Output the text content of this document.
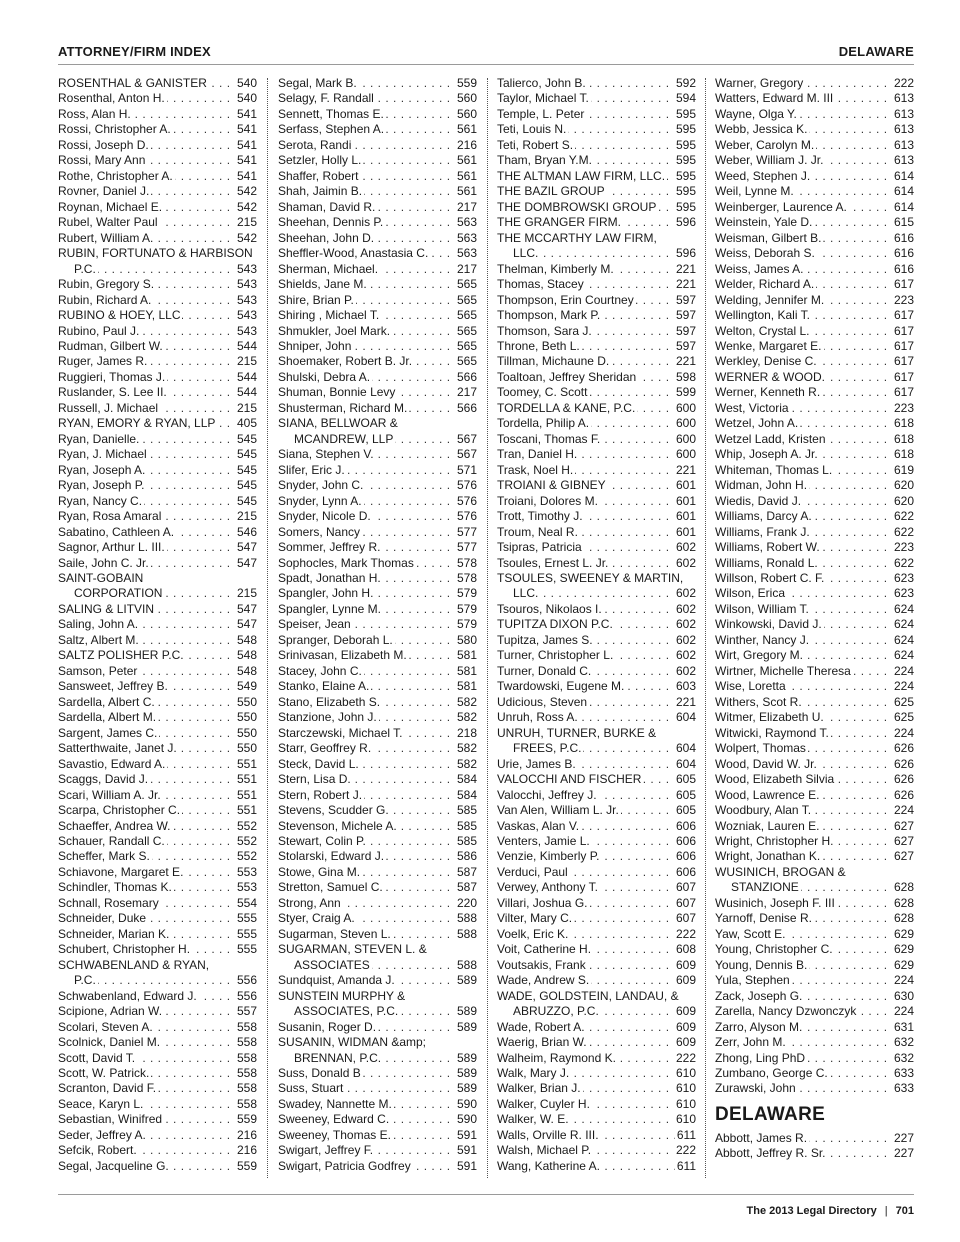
ATTORNEY/FIRM INDEX	DELAWARE
ROSENTHAL & GANISTER	540
. . .
Rosenthal, Anton H.	540
. . .
Ross, Alan H.	541
. . .
Rossi, Christopher A.	541
. . .
Rossi, Joseph D.	541
. . .
Rossi, Mary Ann	541
. . .
Rothe, Christopher A.	541
. . .
Rovner, Daniel J.	542
. . .
Roynan, Michael E.	542
. . .
Rubel, Walter Paul	215
. . .
Rubert, William A.	542
. . .
RUBIN, FORTUNATO & HARBISON
P.C.	543
. . .
Rubin, Gregory S.	543
. . .
Rubin, Richard A.	543
. . .
RUBINO & HOEY, LLC	543
. . .
Rubino, Paul J.	543
. . .
Rudman, Gilbert W.	544
. . .
Ruger, James R.	215
. . .
Ruggieri, Thomas J.	544
. . .
Ruslander, S. Lee II.	544
. . .
Russell, J. Michael	215
. . .
RYAN, EMORY & RYAN, LLP 405
. . .
Ryan, Danielle.	545
. . .
Ryan, J. Michael	545
. . .
Ryan, Joseph A.	545
. . .
Ryan, Joseph P.	545
. . .
Ryan, Nancy C.	545
. . .
Ryan, Rosa Amaral	215
. . .
Sabatino, Cathleen A.	546
. . .
Sagnor, Arthur L. III.	547
. . .
Saile, John C. Jr.	547
. . .
SAINT-GOBAIN
CORPORATION	215
. . .
SALING & LITVIN	547
. . .
Saling, John A.	547
. . .
Saltz, Albert M.	548
. . .
SALTZ POLISHER P.C.	548
. . .
Samson, Peter	548
. . .
Sansweet, Jeffrey B.	549
. . .
Sardella, Albert C.	550
. . .
Sardella, Albert M.	550
. . .
Sargent, James C.	550
. . .
Satterthwaite, Janet J.	550
. . .
Savastio, Edward A.	551
. . .
Scaggs, David J.	551
. . .
Scari, William A. Jr.	551
. . .
Scarpa, Christopher C.	551
. . .
Schaeffer, Andrea W.	552
. . .
Schauer, Randall C.	552
. . .
Scheffer, Mark S.	552
. . .
Schiavone, Margaret E.	553
. . .
Schindler, Thomas K.	553
. . .
Schnall, Rosemary	554
. . .
Schneider, Duke	555
. . .
Schneider, Marian K.	555
. . .
Schubert, Christopher H.	555
. . .
SCHWABENLAND & RYAN,
P.C.	556
. . .
Schwabenland, Edward J.	556
. . .
Scipione, Adrian W.	557
. . .
Scolari, Steven A.	558
. . .
Scolnick, Daniel M.	558
. . .
Scott, David T.	558
. . .
Scott, W. Patrick.	558
. . .
Scranton, David F.	558
. . .
Seace, Karyn L.	558
. . .
Sebastian, Winifred	559
. . .
Seder, Jeffrey A.	216
. . .
Sefcik, Robert.	216
. . .
Segal, Jacqueline G.	559
. . .
Segal, Mark B.	559
. . .
Selagy, F. Randall	560
. . .
Sennett, Thomas E.	560
. . .
Serfass, Stephen A.	561
. . .
Serota, Randi	216
. . .
Setzler, Holly L.	561
. . .
Shaffer, Robert	561
. . .
Shah, Jaimin B.	561
. . .
Shaman, David R.	217
. . .
Sheehan, Dennis P.	563
. . .
Sheehan, John D.	563
. . .
Sheffler-Wood, Anastasia C. 563
. . .
Sherman, Michael.	217
. . .
Shields, Jane M.	565
. . .
Shire, Brian P.	565
. . .
Shiring , Michael T.	565
. . .
Shmukler, Joel Mark.	565
. . .
Shniper, John	565
. . .
Shoemaker, Robert B. Jr.	565
. . .
Shulski, Debra A.	566
. . .
Shuman, Bonnie Levy	217
. . .
Shusterman, Richard M.	566
. . .
SIANA, BELLWOAR &
MCANDREW, LLP	567
. . .
Siana, Stephen V.	567
. . .
Slifer, Eric J.	571
. . .
Snyder, John C.	576
. . .
Snyder, Lynn A.	576
. . .
Snyder, Nicole D.	576
. . .
Somers, Nancy	577
. . .
Sommer, Jeffrey R.	577
. . .
Sophocles, Mark Thomas	578
. . .
Spadt, Jonathan H.	578
. . .
Spangler, John H.	579
. . .
Spangler, Lynne M.	579
. . .
Speiser, Jean	579
. . .
Spranger, Deborah L.	580
. . .
Srinivasan, Elizabeth M.	581
. . .
Stacey, John C.	581
. . .
Stanko, Elaine A.	581
. . .
Stano, Elizabeth S.	582
. . .
Stanzione, John J.	582
. . .
Starczewski, Michael T.	218
. . .
Starr, Geoffrey R.	582
. . .
Steck, David L.	582
. . .
Stern, Lisa D.	584
. . .
Stern, Robert J.	584
. . .
Stevens, Scudder G.	585
. . .
Stevenson, Michele A.	585
. . .
Stewart, Colin P.	585
. . .
Stolarski, Edward J.	586
. . .
Stowe, Gina M.	587
. . .
Stretton, Samuel C.	587
. . .
Strong, Ann	220
. . .
Styer, Craig A.	588
. . .
Sugarman, Steven L.	588
. . .
SUGARMAN, STEVEN L. &
ASSOCIATES	588
. . .
Sundquist, Amanda J.	589
. . .
SUNSTEIN MURPHY &
ASSOCIATES, P.C.	589
. . .
Susanin, Roger D.	589
. . .
SUSANIN, WIDMAN &amp;
BRENNAN, P.C.	589
. . .
Suss, Donald B	589
. . .
Suss, Stuart	589
. . .
Swadey, Nannette M.	590
. . .
Sweeney, Edward C.	590
. . .
Sweeney, Thomas E.	591
. . .
Swigart, Jeffrey F.	591
. . .
Swigart, Patricia Godfrey	591
. . .
Talierco, John B.	592
. . .
Taylor, Michael T.	594
. . .
Temple, L. Peter	595
. . .
Teti, Louis N.	595
. . .
Teti, Robert S.	595
. . .
Tham, Bryan Y.M.	595
. . .
THE ALTMAN LAW FIRM, LLC. 595
. . .
THE BAZIL GROUP	595
. . .
THE DOMBROWSKI GROUP 595
. . .
THE GRANGER FIRM.	596
. . .
THE MCCARTHY LAW FIRM,
LLC.	596
. . .
Thelman, Kimberly M.	221
. . .
Thomas, Stacey	221
. . .
Thompson, Erin Courtney	597
. . .
Thompson, Mark P.	597
. . .
Thomson, Sara J.	597
. . .
Throne, Beth L.	597
. . .
Tillman, Michaune D.	221
. . .
Toaltoan, Jeffrey Sheridan	598
. . .
Toomey, C. Scott	599
. . .
TORDELLA & KANE, P.C.	600
. . .
Tordella, Philip A.	600
. . .
Toscani, Thomas F.	600
. . .
Tran, Daniel H.	600
. . .
Trask, Noel H.	221
. . .
TROIANI & GIBNEY	601
. . .
Troiani, Dolores M.	601
. . .
Trott, Timothy J.	601
. . .
Troum, Neal R.	601
. . .
Tsipras, Patricia	602
. . .
Tsoules, Ernest L. Jr.	602
. . .
TSOULES, SWEENEY & MARTIN,
LLC.	602
. . .
Tsouros, Nikolaos I.	602
. . .
TUPITZA DIXON P.C.	602
. . .
Tupitza, James S.	602
. . .
Turner, Christopher L.	602
. . .
Turner, Donald C.	602
. . .
Twardowski, Eugene M.	603
. . .
Udicious, Steven	221
. . .
Unruh, Ross A.	604
. . .
UNRUH, TURNER, BURKE &
FREES, P.C.	604
. . .
Urie, James B.	604
. . .
VALOCCHI AND FISCHER	605
. . .
Valocchi, Jeffrey J.	605
. . .
Van Alen, William L. Jr.	605
. . .
Vaskas, Alan V.	606
. . .
Venters, Jamie L.	606
. . .
Venzie, Kimberly P.	606
. . .
Verduci, Paul	606
. . .
Verwey, Anthony T.	607
. . .
Villari, Joshua G.	607
. . .
Vilter, Mary C.	607
. . .
Voelk, Eric K.	222
. . .
Voit, Catherine H.	608
. . .
Voutsakis, Frank	609
. . .
Wade, Andrew S.	609
. . .
WADE, GOLDSTEIN, LANDAU, &
ABRUZZO, P.C.	609
. . .
Wade, Robert A.	609
. . .
Waerig, Brian W.	609
. . .
Walheim, Raymond K.	222
. . .
Walk, Mary J.	610
. . .
Walker, Brian J.	610
. . .
Walker, Cuyler H.	610
. . .
Walker, W. E.	610
. . .
Walls, Orville R. III.	611
. . .
Walsh, Michael P.	222
. . .
Wang, Katherine A.	611
. . .
Warner, Gregory	222
. . .
Watters, Edward M. III	613
. . .
Wayne, Olga Y.	613
. . .
Webb, Jessica K.	613
. . .
Weber, Carolyn M.	613
. . .
Weber, William J. Jr.	613
. . .
Weed, Stephen J.	614
. . .
Weil, Lynne M.	614
. . .
Weinberger, Laurence A.	614
. . .
Weinstein, Yale D.	615
. . .
Weisman, Gilbert B.	616
. . .
Weiss, Deborah S.	616
. . .
Weiss, James A.	616
. . .
Welder, Richard A.	617
. . .
Welding, Jennifer M.	223
. . .
Wellington, Kali T.	617
. . .
Welton, Crystal L.	617
. . .
Wenke, Margaret E.	617
. . .
Werkley, Denise C.	617
. . .
WERNER & WOOD.	617
. . .
Werner, Kenneth R.	617
. . .
West, Victoria	223
. . .
Wetzel, John A.	618
. . .
Wetzel Ladd, Kristen	618
. . .
Whip, Joseph A. Jr.	618
. . .
Whiteman, Thomas L.	619
. . .
Widman, John H.	620
. . .
Wiedis, David J.	620
. . .
Williams, Darcy A.	622
. . .
Williams, Frank J.	622
. . .
Williams, Robert W.	223
. . .
Williams, Ronald L.	622
. . .
Willson, Robert C. F.	623
. . .
Wilson, Erica	623
. . .
Wilson, William T.	624
. . .
Winkowski, David J.	624
. . .
Winther, Nancy J.	624
. . .
Wirt, Gregory M.	624
. . .
Wirtner, Michelle Theresa	224
. . .
Wise, Loretta	224
. . .
Withers, Scot R.	625
. . .
Witmer, Elizabeth U.	625
. . .
Witwicki, Raymond T.	224
. . .
Wolpert, Thomas	626
. . .
Wood, David W. Jr.	626
. . .
Wood, Elizabeth Silvia	626
. . .
Wood, Lawrence E.	626
. . .
Woodbury, Alan T.	224
. . .
Wozniak, Lauren E.	627
. . .
Wright, Christopher H.	627
. . .
Wright, Jonathan K.	627
. . .
WUSINICH, BROGAN &
STANZIONE	628
. . .
Wusinich, Joseph F. III	628
. . .
Yarnoff, Denise R.	628
. . .
Yaw, Scott E.	629
. . .
Young, Christopher C.	629
. . .
Young, Dennis B.	629
. . .
Yula, Stephen	224
. . .
Zack, Joseph G.	630
. . .
Zarella, Nancy Dzwonczyk	224
. . .
Zarro, Alyson M.	631
. . .
Zerr, John M.	632
. . .
Zhong, Ling PhD	632
. . .
Zumbano, George C.	633
. . .
Zurawski, John	633
. . .
DELAWARE
Abbott, James R.	227
. . .
Abbott, Jeffrey R. Sr.	227
. . .
The 2013 Legal Directory | 701
